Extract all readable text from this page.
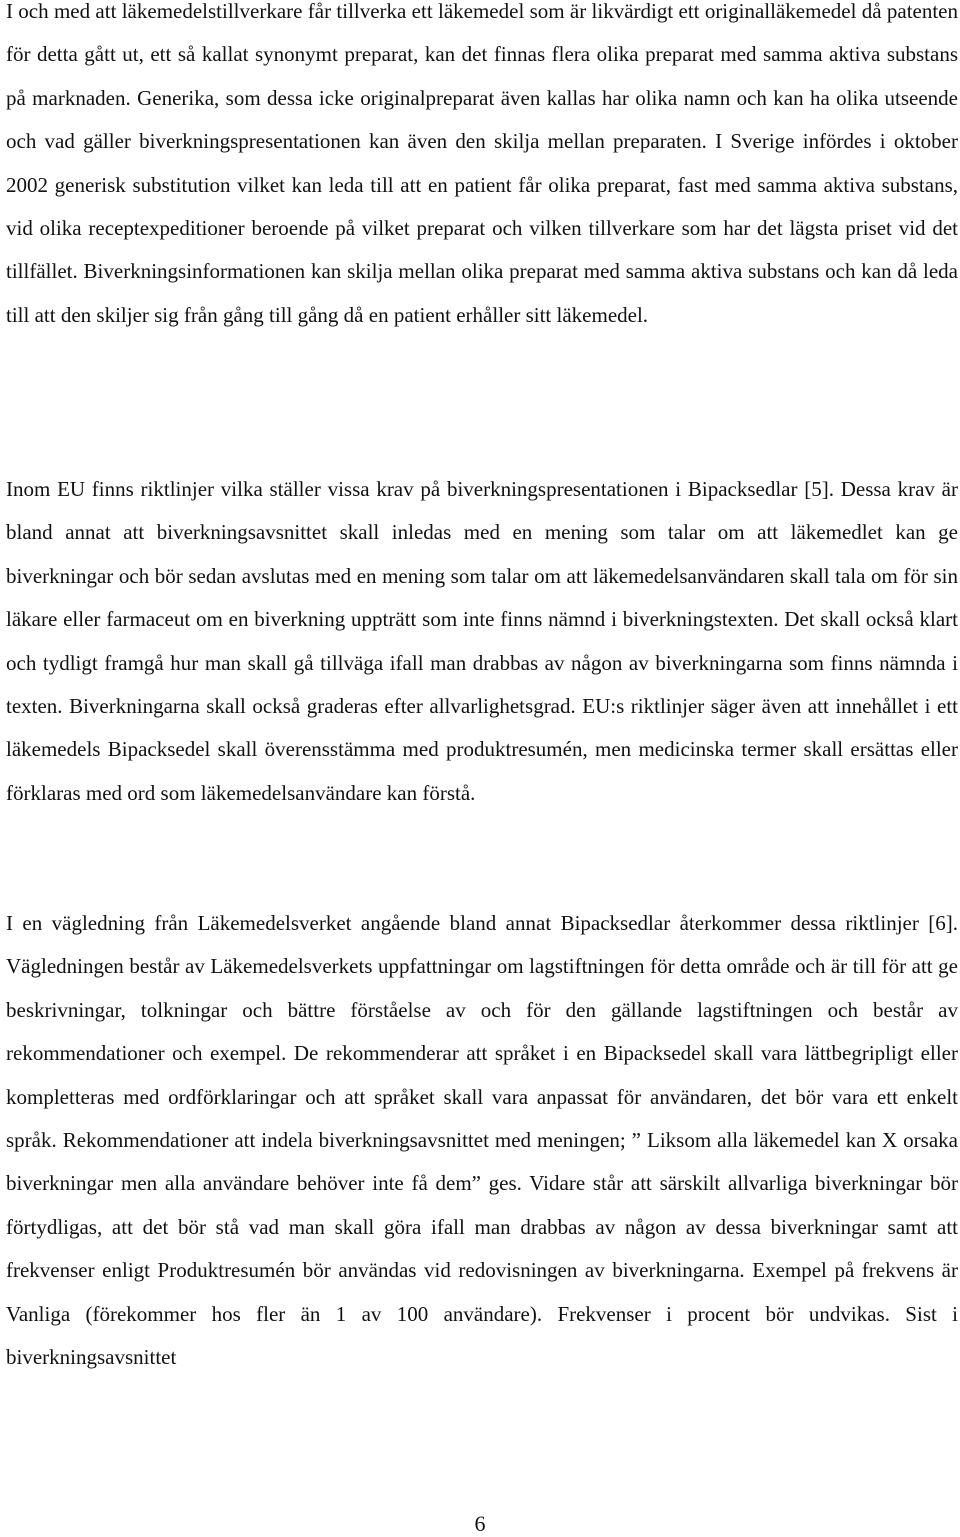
I och med att läkemedelstillverkare får tillverka ett läkemedel som är likvärdigt ett originalläkemedel då patenten för detta gått ut, ett så kallat synonymt preparat, kan det finnas flera olika preparat med samma aktiva substans på marknaden. Generika, som dessa icke originalpreparat även kallas har olika namn och kan ha olika utseende och vad gäller biverkningspresentationen kan även den skilja mellan preparaten. I Sverige infördes i oktober 2002 generisk substitution vilket kan leda till att en patient får olika preparat, fast med samma aktiva substans, vid olika receptexpeditioner beroende på vilket preparat och vilken tillverkare som har det lägsta priset vid det tillfället. Biverkningsinformationen kan skilja mellan olika preparat med samma aktiva substans och kan då leda till att den skiljer sig från gång till gång då en patient erhåller sitt läkemedel.

Inom EU finns riktlinjer vilka ställer vissa krav på biverkningspresentationen i Bipacksedlar [5]. Dessa krav är bland annat att biverkningsavsnittet skall inledas med en mening som talar om att läkemedlet kan ge biverkningar och bör sedan avslutas med en mening som talar om att läkemedelsanvändaren skall tala om för sin läkare eller farmaceut om en biverkning uppträtt som inte finns nämnd i biverkningstexten. Det skall också klart och tydligt framgå hur man skall gå tillväga ifall man drabbas av någon av biverkningarna som finns nämnda i texten. Biverkningarna skall också graderas efter allvarlighetsgrad. EU:s riktlinjer säger även att innehållet i ett läkemedels Bipacksedel skall överensstämma med produktresumén, men medicinska termer skall ersättas eller förklaras med ord som läkemedelsanvändare kan förstå.

I en vägledning från Läkemedelsverket angående bland annat Bipacksedlar återkommer dessa riktlinjer [6]. Vägledningen består av Läkemedelsverkets uppfattningar om lagstiftningen för detta område och är till för att ge beskrivningar, tolkningar och bättre förståelse av och för den gällande lagstiftningen och består av rekommendationer och exempel. De rekommenderar att språket i en Bipacksedel skall vara lättbegripligt eller kompletteras med ordförklaringar och att språket skall vara anpassat för användaren, det bör vara ett enkelt språk. Rekommendationer att indela biverkningsavsnittet med meningen; ” Liksom alla läkemedel kan X orsaka biverkningar men alla användare behöver inte få dem” ges. Vidare står att särskilt allvarliga biverkningar bör förtydligas, att det bör stå vad man skall göra ifall man drabbas av någon av dessa biverkningar samt att frekvenser enligt Produktresumén bör användas vid redovisningen av biverkningarna. Exempel på frekvens är Vanliga (förekommer hos fler än 1 av 100 användare). Frekvenser i procent bör undvikas. Sist i biverkningsavsnittet

6
